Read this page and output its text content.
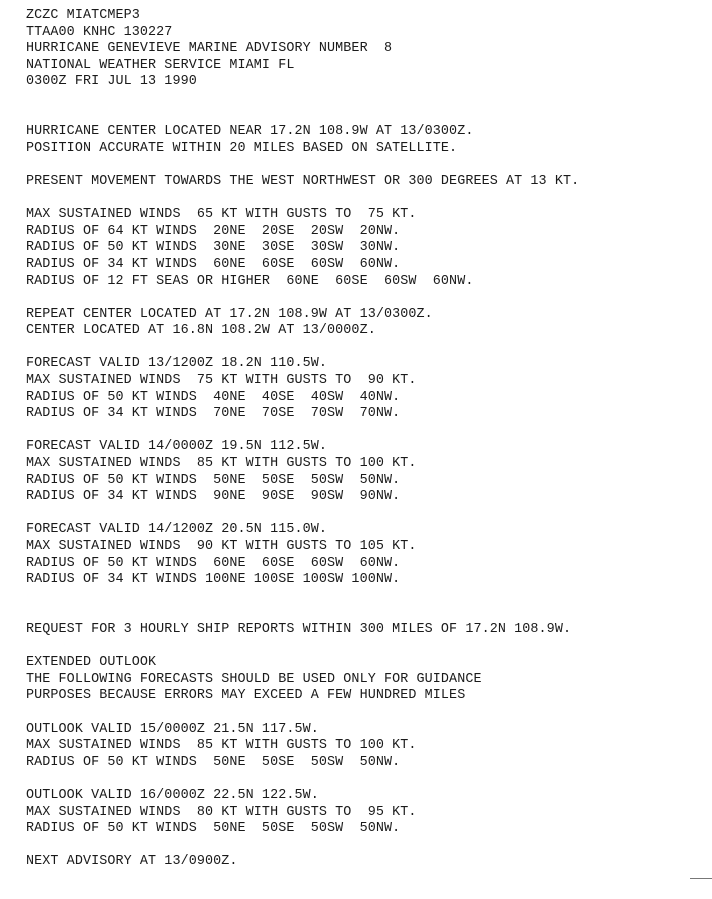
ZCZC MIATCMEP3
TTAA00 KNHC 130227
HURRICANE GENEVIEVE MARINE ADVISORY NUMBER  8
NATIONAL WEATHER SERVICE MIAMI FL
0300Z FRI JUL 13 1990
HURRICANE CENTER LOCATED NEAR 17.2N 108.9W AT 13/0300Z.
POSITION ACCURATE WITHIN 20 MILES BASED ON SATELLITE.
PRESENT MOVEMENT TOWARDS THE WEST NORTHWEST OR 300 DEGREES AT 13 KT.
MAX SUSTAINED WINDS  65 KT WITH GUSTS TO  75 KT.
RADIUS OF 64 KT WINDS  20NE  20SE  20SW  20NW.
RADIUS OF 50 KT WINDS  30NE  30SE  30SW  30NW.
RADIUS OF 34 KT WINDS  60NE  60SE  60SW  60NW.
RADIUS OF 12 FT SEAS OR HIGHER  60NE  60SE  60SW  60NW.
REPEAT CENTER LOCATED AT 17.2N 108.9W AT 13/0300Z.
CENTER LOCATED AT 16.8N 108.2W AT 13/0000Z.
FORECAST VALID 13/1200Z 18.2N 110.5W.
MAX SUSTAINED WINDS  75 KT WITH GUSTS TO  90 KT.
RADIUS OF 50 KT WINDS  40NE  40SE  40SW  40NW.
RADIUS OF 34 KT WINDS  70NE  70SE  70SW  70NW.
FORECAST VALID 14/0000Z 19.5N 112.5W.
MAX SUSTAINED WINDS  85 KT WITH GUSTS TO 100 KT.
RADIUS OF 50 KT WINDS  50NE  50SE  50SW  50NW.
RADIUS OF 34 KT WINDS  90NE  90SE  90SW  90NW.
FORECAST VALID 14/1200Z 20.5N 115.0W.
MAX SUSTAINED WINDS  90 KT WITH GUSTS TO 105 KT.
RADIUS OF 50 KT WINDS  60NE  60SE  60SW  60NW.
RADIUS OF 34 KT WINDS 100NE 100SE 100SW 100NW.
REQUEST FOR 3 HOURLY SHIP REPORTS WITHIN 300 MILES OF 17.2N 108.9W.
EXTENDED OUTLOOK
THE FOLLOWING FORECASTS SHOULD BE USED ONLY FOR GUIDANCE
PURPOSES BECAUSE ERRORS MAY EXCEED A FEW HUNDRED MILES
OUTLOOK VALID 15/0000Z 21.5N 117.5W.
MAX SUSTAINED WINDS  85 KT WITH GUSTS TO 100 KT.
RADIUS OF 50 KT WINDS  50NE  50SE  50SW  50NW.
OUTLOOK VALID 16/0000Z 22.5N 122.5W.
MAX SUSTAINED WINDS  80 KT WITH GUSTS TO  95 KT.
RADIUS OF 50 KT WINDS  50NE  50SE  50SW  50NW.
NEXT ADVISORY AT 13/0900Z.
